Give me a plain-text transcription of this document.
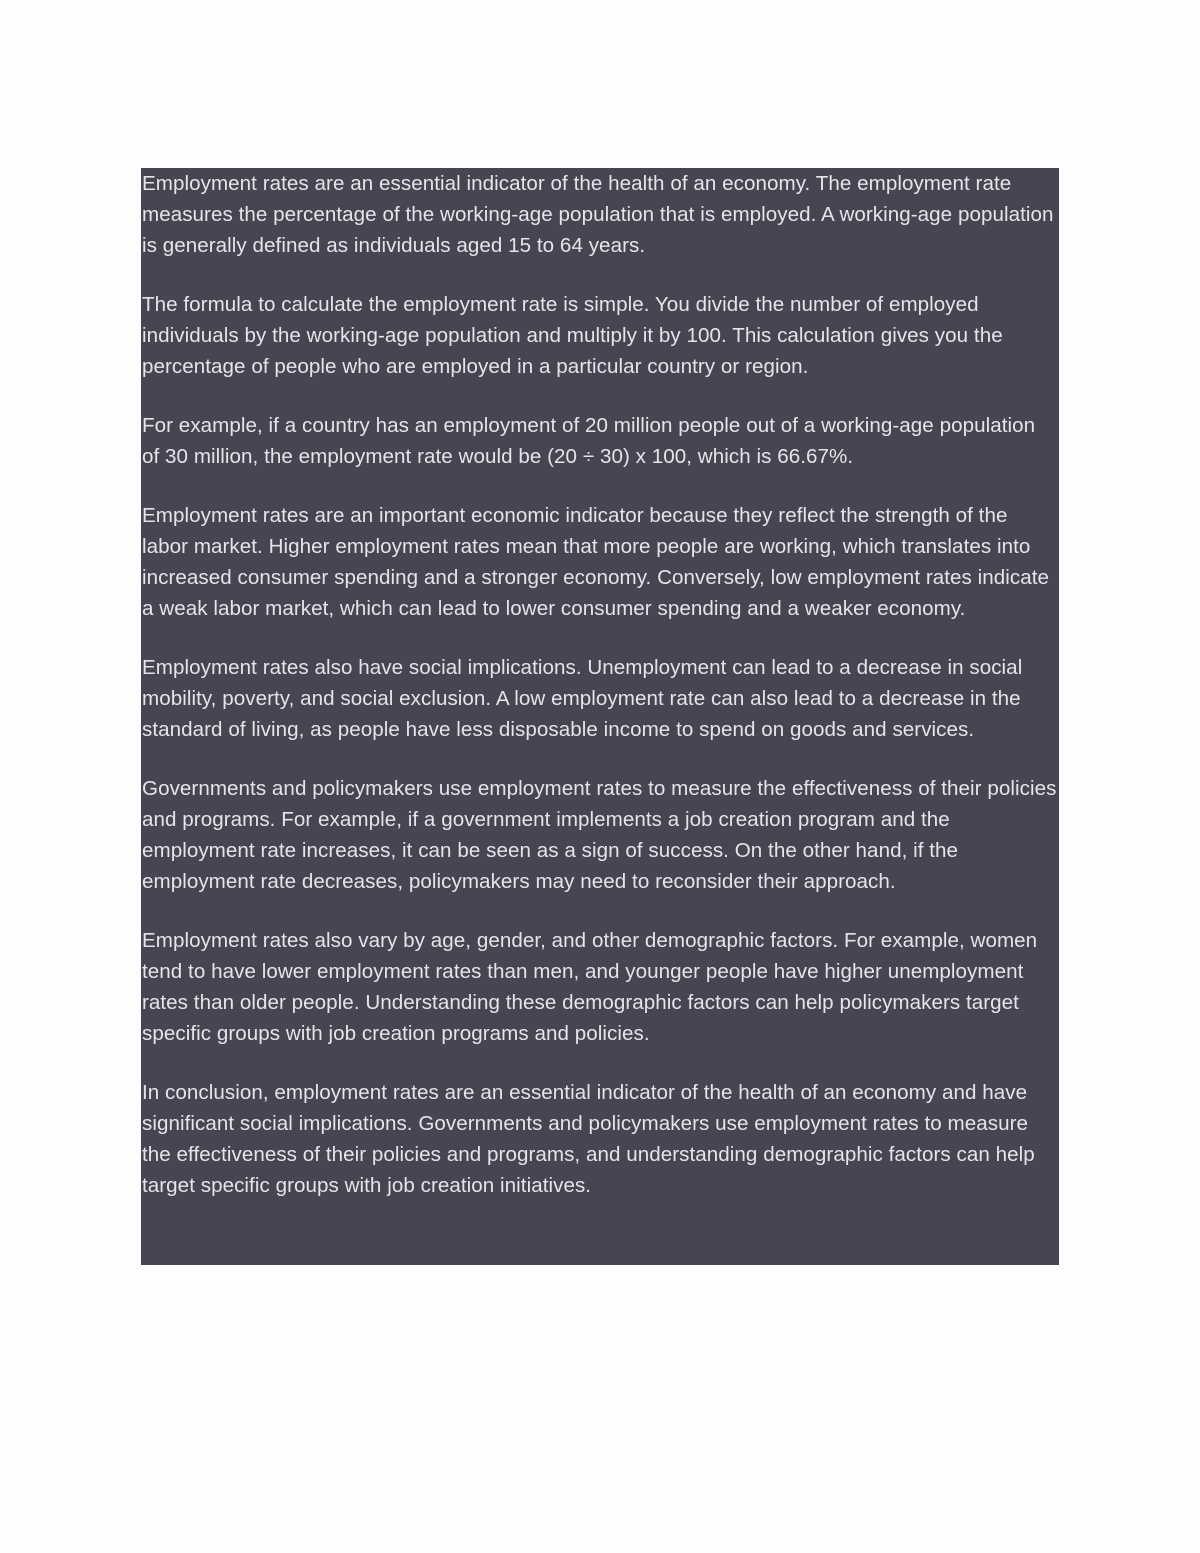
Employment rates are an essential indicator of the health of an economy. The employment rate measures the percentage of the working-age population that is employed. A working-age population is generally defined as individuals aged 15 to 64 years.

The formula to calculate the employment rate is simple. You divide the number of employed individuals by the working-age population and multiply it by 100. This calculation gives you the percentage of people who are employed in a particular country or region.

For example, if a country has an employment of 20 million people out of a working-age population of 30 million, the employment rate would be (20 ÷ 30) x 100, which is 66.67%.

Employment rates are an important economic indicator because they reflect the strength of the labor market. Higher employment rates mean that more people are working, which translates into increased consumer spending and a stronger economy. Conversely, low employment rates indicate a weak labor market, which can lead to lower consumer spending and a weaker economy.

Employment rates also have social implications. Unemployment can lead to a decrease in social mobility, poverty, and social exclusion. A low employment rate can also lead to a decrease in the standard of living, as people have less disposable income to spend on goods and services.

Governments and policymakers use employment rates to measure the effectiveness of their policies and programs. For example, if a government implements a job creation program and the employment rate increases, it can be seen as a sign of success. On the other hand, if the employment rate decreases, policymakers may need to reconsider their approach.

Employment rates also vary by age, gender, and other demographic factors. For example, women tend to have lower employment rates than men, and younger people have higher unemployment rates than older people. Understanding these demographic factors can help policymakers target specific groups with job creation programs and policies.

In conclusion, employment rates are an essential indicator of the health of an economy and have significant social implications. Governments and policymakers use employment rates to measure the effectiveness of their policies and programs, and understanding demographic factors can help target specific groups with job creation initiatives.
